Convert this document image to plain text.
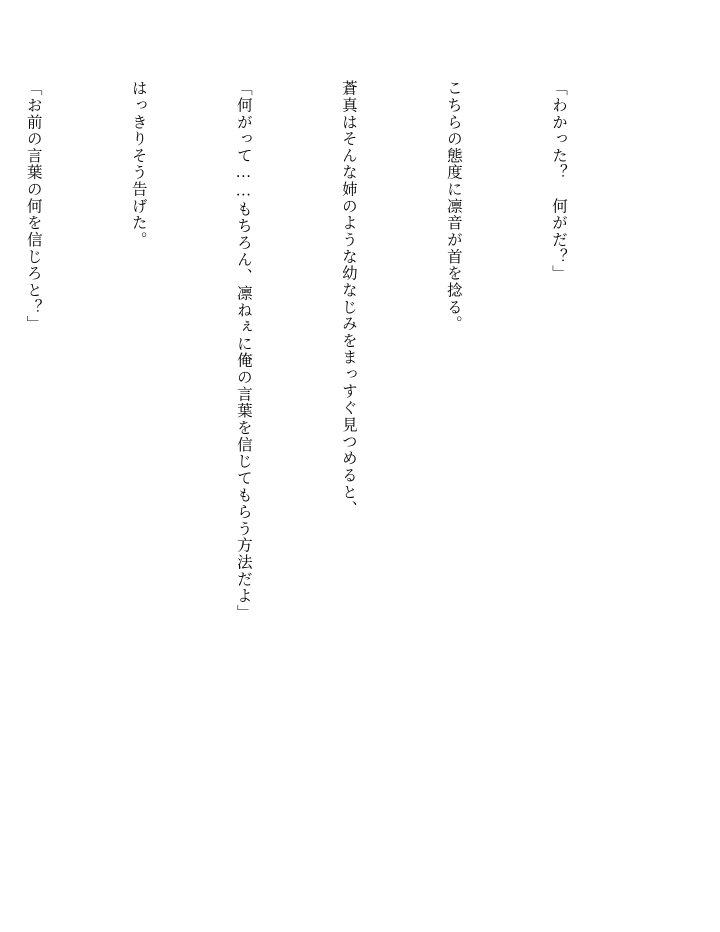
「わかった？　何がだ？」

こちらの態度に凛音が首を捻る。

蒼真はそんな姉のような幼なじみをまっすぐ見つめると、

「何がって……もちろん、凛ねぇに俺の言葉を信じてもらう方法だよ」

はっきりそう告げた。

「お前の言葉の何を信じろと？」
